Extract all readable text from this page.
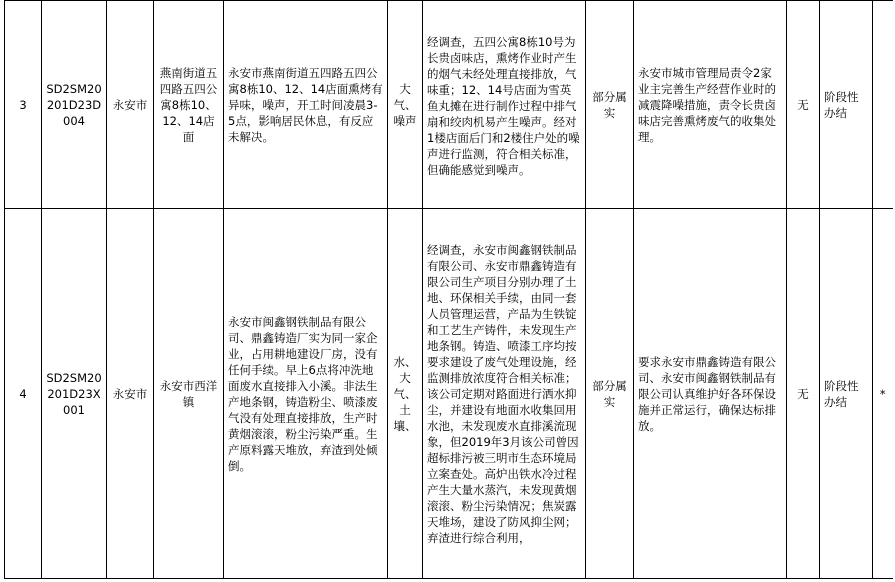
3	SD2SM20201D23D004	永安市	燕南街道五四路五四公寓8栋10、12、14店面	永安市燕南街道五四路五四公寓8栋10、12、14店面熏烤有异味，噪声，开工时间凌晨3-5点，影响居民休息，有反应未解决。	大气、噪声	经调查，五四公寓8栋10号为长贵卤味店，熏烤作业时产生的烟气未经处理直接排放，气味重；12、14号店面为雪英鱼丸摊在进行制作过程中排气扇和绞肉机易产生噪声。经对1楼店面后门和2楼住户处的噪声进行监测，符合相关标准，但确能感觉到噪声。	部分属实	永安市城市管理局责令2家业主完善生产经营作业时的减震降噪措施，责令长贵卤味店完善熏烤废气的收集处理。	无	阶段性办结	
4	SD2SM20201D23X001	永安市	永安市西洋镇	永安市闽鑫钢铁制品有限公司、鼎鑫铸造厂实为同一家企业，占用耕地建设厂房，没有任何手续。早上6点将冲洗地面废水直接排入小溪。非法生产地条钢，铸造粉尘、喷漆废气没有处理直接排放，生产时黄烟滚滚，粉尘污染严重。生产原料露天堆放，弃渣到处倾倒。	水、大气、土壤、	经调查，永安市闽鑫钢铁制品有限公司、永安市鼎鑫铸造有限公司生产项目分别办理了土地、环保相关手续，由同一套人员管理运营，产品为生铁锭和工艺生产铸件，未发现生产地条钢。铸造、喷漆工序均按要求建设了废气处理设施，经监测排放浓度符合相关标准；该公司定期对路面进行洒水抑尘，并建设有地面水收集回用水池，未发现废水直排溪流现象，但2019年3月该公司曾因超标排污被三明市生态环境局立案查处。高炉出铁水冷过程产生大量水蒸汽，未发现黄烟滚滚、粉尘污染情况；焦炭露天堆场，建设了防风抑尘网；弃渣进行综合利用，	部分属实	要求永安市鼎鑫铸造有限公司、永安市闽鑫钢铁制品有限公司认真维护好各环保设施并正常运行，确保达标排放。	无	阶段性办结	*
